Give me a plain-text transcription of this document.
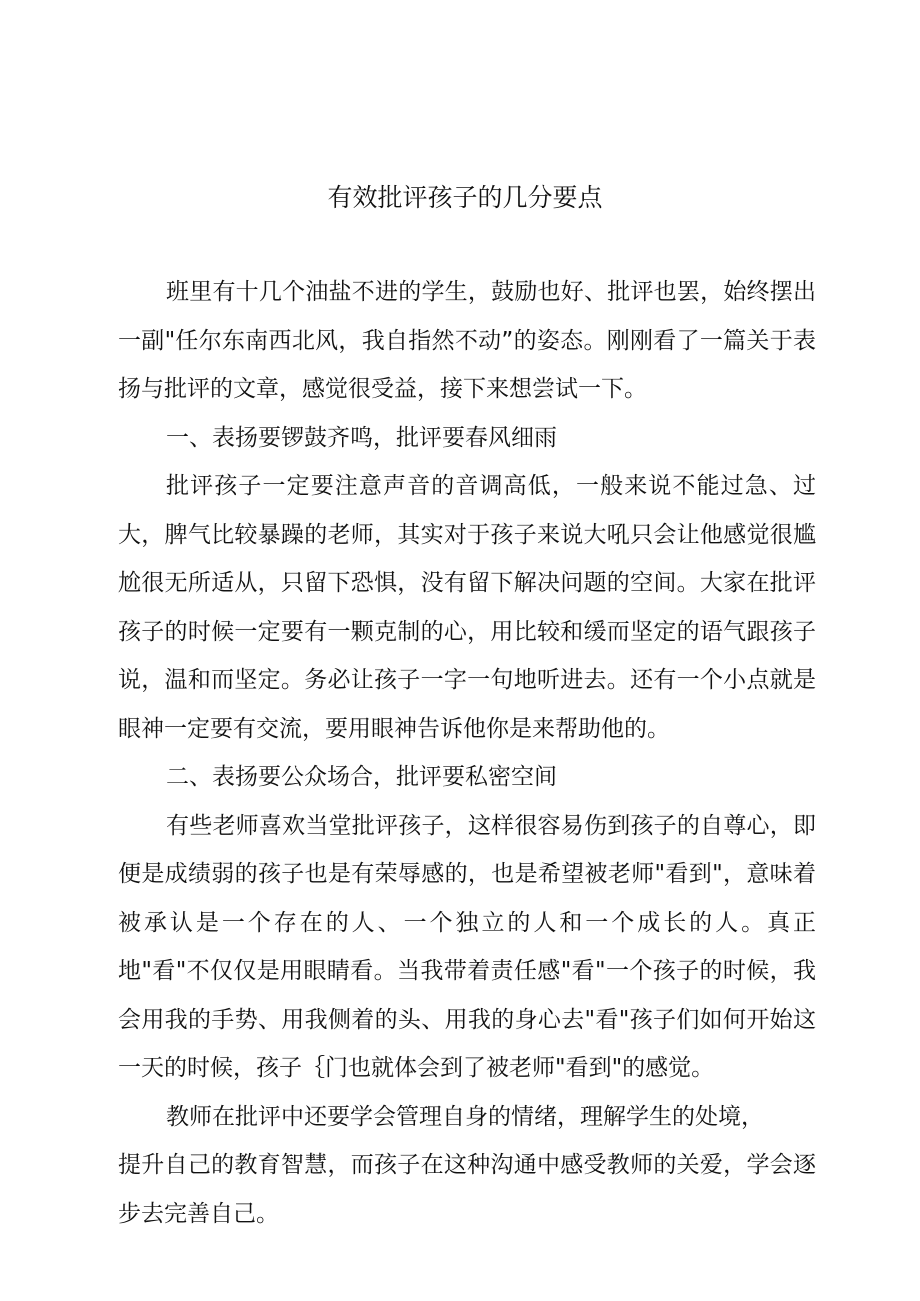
有效批评孩子的几分要点

班里有十几个油盐不进的学生，鼓励也好、批评也罢，始终摆出一副"任尔东南西北风，我自指然不动”的姿态。刚刚看了一篇关于表扬与批评的文章，感觉很受益，接下来想尝试一下。

一、表扬要锣鼓齐鸣，批评要春风细雨

批评孩子一定要注意声音的音调高低，一般来说不能过急、过大，脾气比较暴躁的老师，其实对于孩子来说大吼只会让他感觉很尴尬很无所适从，只留下恐惧，没有留下解决问题的空间。大家在批评孩子的时候一定要有一颗克制的心，用比较和缓而坚定的语气跟孩子说，温和而坚定。务必让孩子一字一句地听进去。还有一个小点就是眼神一定要有交流，要用眼神告诉他你是来帮助他的。

二、表扬要公众场合，批评要私密空间

有些老师喜欢当堂批评孩子，这样很容易伤到孩子的自尊心，即便是成绩弱的孩子也是有荣辱感的，也是希望被老师"看到"，意味着被承认是一个存在的人、一个独立的人和一个成长的人。真正地"看"不仅仅是用眼睛看。当我带着责任感"看"一个孩子的时候，我会用我的手势、用我侧着的头、用我的身心去"看"孩子们如何开始这一天的时候，孩子｛门也就体会到了被老师"看到"的感觉。

教师在批评中还要学会管理自身的情绪，理解学生的处境，

提升自己的教育智慧，而孩子在这种沟通中感受教师的关爱，学会逐步去完善自己。
